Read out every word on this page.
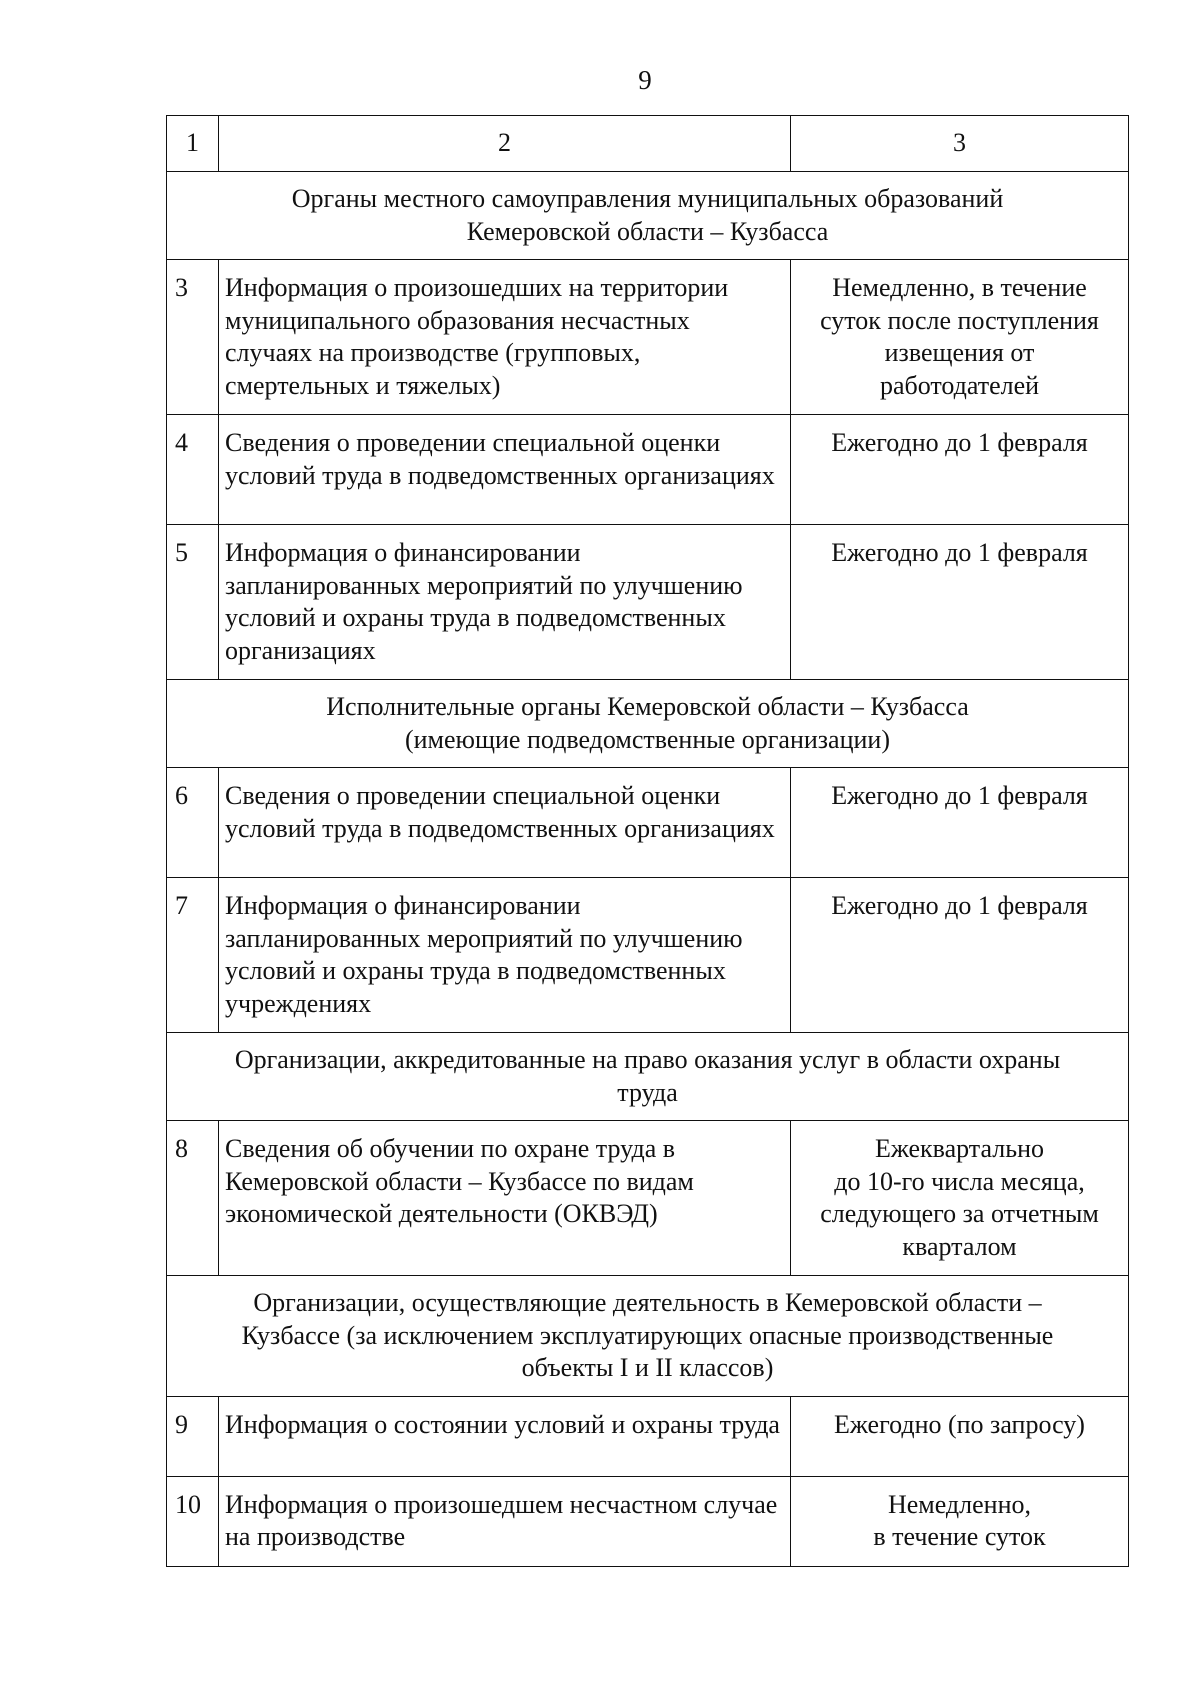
9
1	2	3

Органы местного самоуправления муниципальных образований
Кемеровской области – Кузбасса		

3	Информация о произошедших на территории муниципального образования несчастных случаях на производстве (групповых, смертельных и тяжелых)	Немедленно, в течение
суток после поступления
извещения от
работодателей

4	Сведения о проведении специальной оценки условий труда в подведомственных организациях	Ежегодно до 1 февраля

5	Информация о финансировании запланированных мероприятий по улучшению условий и охраны труда в подведомственных организациях	Ежегодно до 1 февраля

Исполнительные органы Кемеровской области – Кузбасса
(имеющие подведомственные организации)		

6	Сведения о проведении специальной оценки условий труда в подведомственных организациях	Ежегодно до 1 февраля

7	Информация о финансировании запланированных мероприятий по улучшению условий и охраны труда в подведомственных учреждениях	Ежегодно до 1 февраля

Организации, аккредитованные на право оказания услуг в области охраны
труда		

8	Сведения об обучении по охране труда в Кемеровской области – Кузбассе по видам экономической деятельности (ОКВЭД)	Ежеквартально
до 10-го числа месяца,
следующего за отчетным
кварталом

Организации, осуществляющие деятельность в Кемеровской области –
Кузбассе (за исключением эксплуатирующих опасные производственные
объекты I и II классов)		

9	Информация о состоянии условий и охраны труда	Ежегодно (по запросу)

10	Информация о произошедшем несчастном случае на производстве	Немедленно,
в течение суток
